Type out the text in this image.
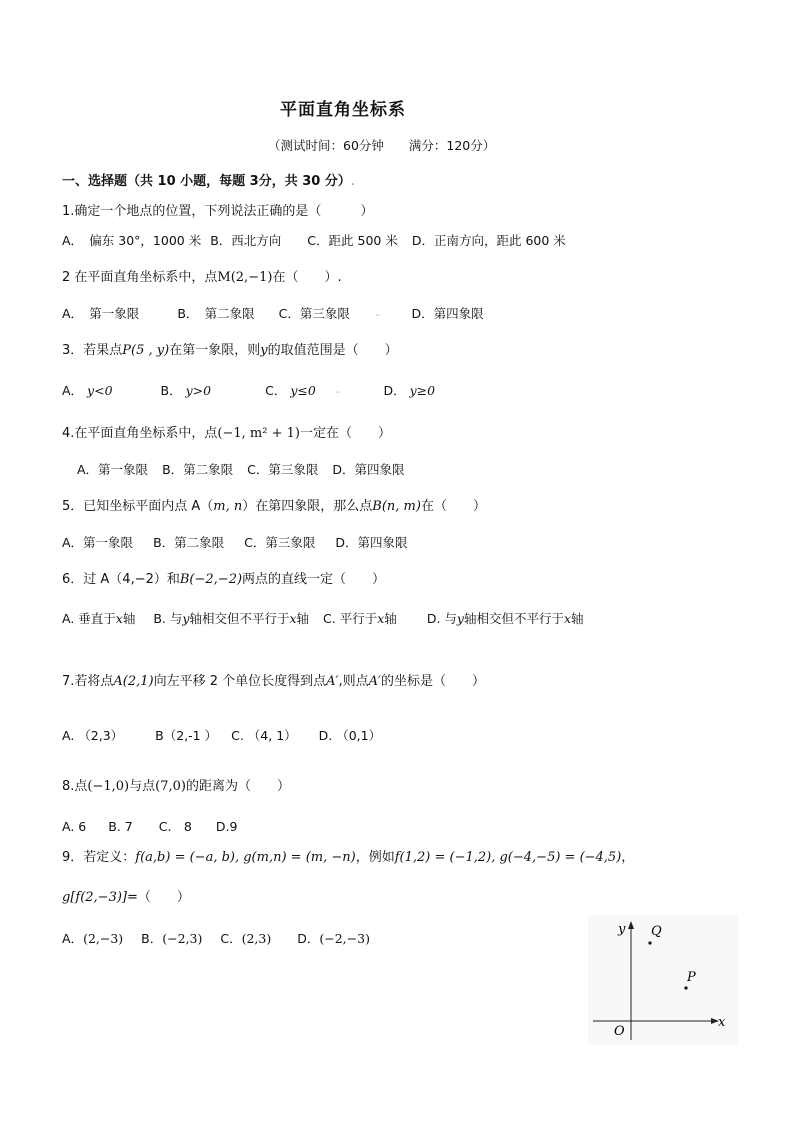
平面直角坐标系
（测试时间：60分钟　　满分：120分）
一、选择题（共 10 小题，每题 3分，共 30 分）.
1.确定一个地点的位置，下列说法正确的是（　　　）
A．　偏东 30°，1000 米 B．西北方向 C．距此 500 米 D．正南方向，距此 600 米
2 在平面直角坐标系中，点M(2,−1)在（　　）.
A．　第一象限	B．　第二象限 C．第三象限	-	D．第四象限
3．若果点P(5 , y)在第一象限，则y的取值范围是（　　）
A． y<0	B． y>0	C． y≤0 -	D． y≥0
4.在平面直角坐标系中，点(−1, m² + 1)一定在（　　）
A．第一象限 B．第二象限 C．第三象限 D．第四象限
5．已知坐标平面内点 A（m, n）在第四象限，那么点B(n, m)在（　　）
A．第一象限 B．第二象限 C．第三象限 D．第四象限
6．过 A（4,−2）和B(−2,−2)两点的直线一定（　　）
A. 垂直于x轴 B. 与y轴相交但不平行于x轴 C. 平行于x轴 D. 与y轴相交但不平行于x轴
7.若将点A(2,1)向左平移 2 个单位长度得到点A′,则点A′的坐标是（　　）
A. （2,3）	B（2,-1 ） C. （4, 1） D. （0,1）
8.点(−1,0)与点(7,0)的距离为（　　）
A. 6 B. 7 C.　8 D.9
9．若定义：f(a,b) = (−a, b), g(m,n) = (m, −n)，例如f(1,2) = (−1,2), g(−4,−5) = (−4,5)，
g[f(2,−3)]=（　　）
A．(2,−3) B．(−2,3) C．(2,3) D．(−2,−3)
y
x
O
Q
P
